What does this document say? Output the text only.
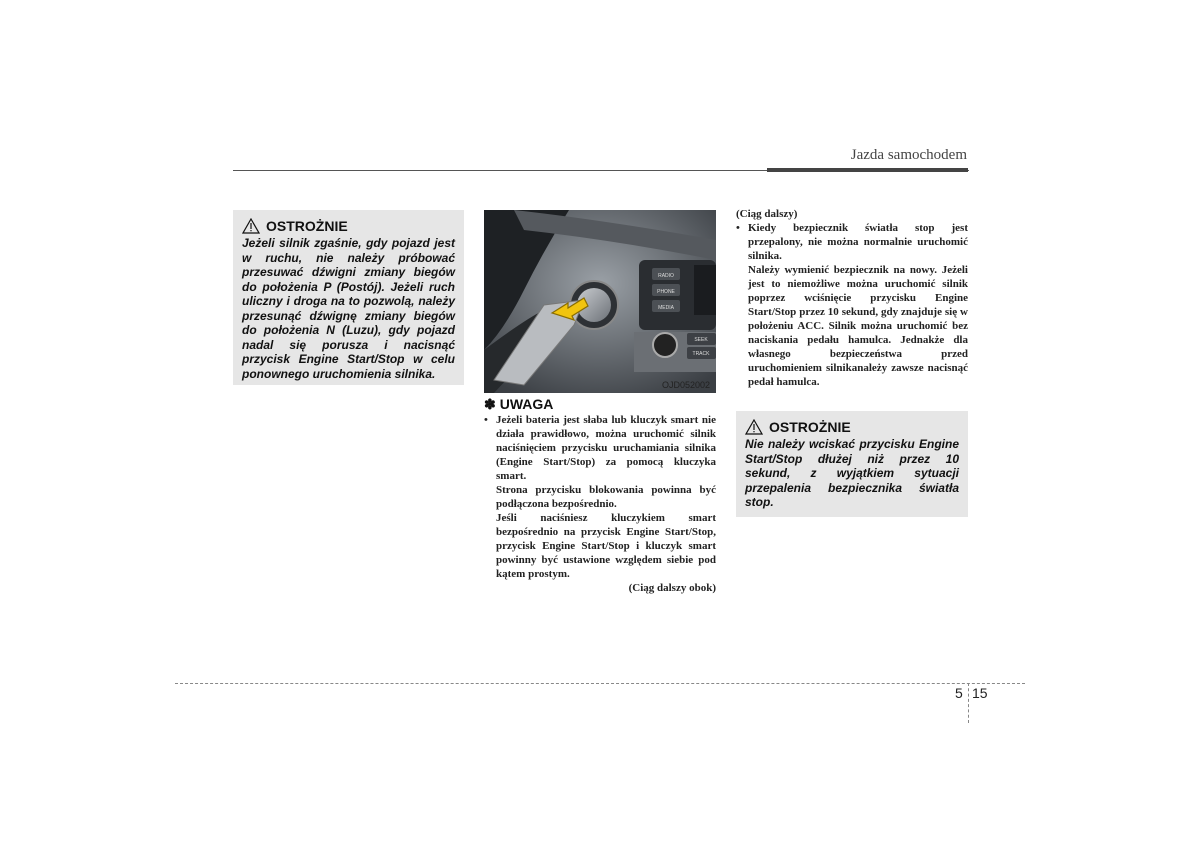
Jazda samochodem
OSTROŻNIE
Jeżeli silnik zgaśnie, gdy pojazd jest w ruchu, nie należy próbować przesuwać dźwigni zmiany biegów do położenia P (Postój). Jeżeli ruch uliczny i droga na to pozwolą, należy przesunąć dźwignę zmiany biegów do położenia N (Luzu), gdy pojazd nadal się porusza i nacisnąć przycisk Engine Start/Stop w celu ponownego uruchomienia silnika.
RADIO
PHONE
MEDIA
SEEK
TRACK
OJD052002
✽ UWAGA
• Jeżeli bateria jest słaba lub kluczyk smart nie działa prawidłowo, można uruchomić silnik naciśnięciem przycisku uruchamiania silnika (Engine Start/Stop) za pomocą kluczyka smart.
Strona przycisku blokowania powinna być podłączona bezpośrednio.
Jeśli naciśniesz kluczykiem smart bezpośrednio na przycisk Engine Start/Stop, przycisk Engine Start/Stop i kluczyk smart powinny być ustawione względem siebie pod kątem prostym.
(Ciąg dalszy obok)
(Ciąg dalszy)
• Kiedy bezpiecznik światła stop jest przepalony, nie można normalnie uruchomić silnika.
Należy wymienić bezpiecznik na nowy. Jeżeli jest to niemożliwe można uruchomić silnik poprzez wciśnięcie przycisku Engine Start/Stop przez 10 sekund, gdy znajduje się w położeniu ACC. Silnik można uruchomić bez naciskania pedału hamulca. Jednakże dla własnego bezpieczeństwa przed uruchomieniem silnikanależy zawsze nacisnąć pedał hamulca.
OSTROŻNIE
Nie należy wciskać przycisku Engine Start/Stop dłużej niż przez 10 sekund, z wyjątkiem sytuacji przepalenia bezpiecznika światła stop.
5 15
